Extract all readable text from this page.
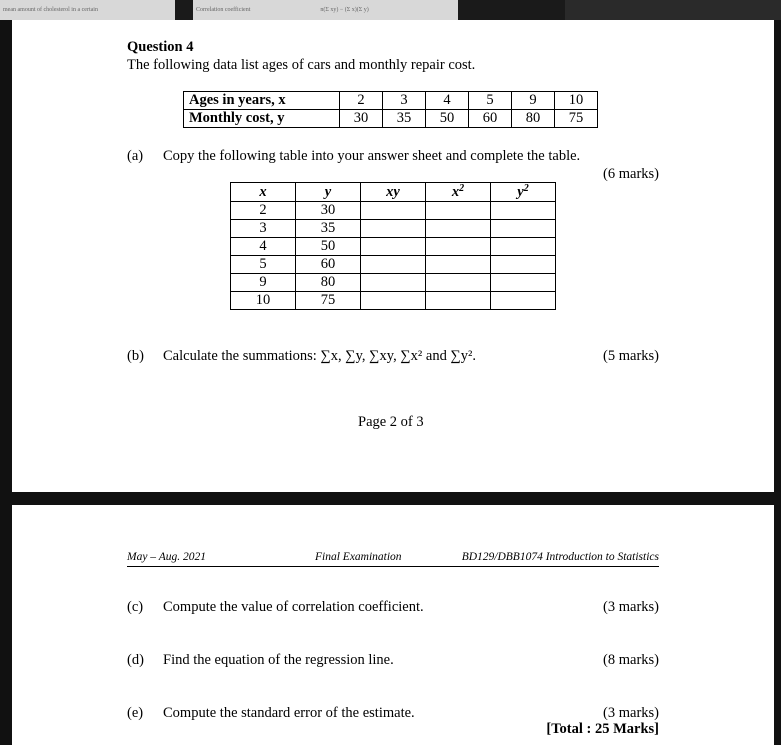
mean amount of cholesterol in a certain	Correlation coefficient	n(Σ xy) − (Σ x)(Σ y)
Question 4
The following data list ages of cars and monthly repair cost.
Ages in years, x	2	3	4	5	9	10
Monthly cost, y	30	35	50	60	80	75
(a) Copy the following table into your answer sheet and complete the table.
(6 marks)
x	y	xy	$x^2$	$y^2$
2	30			
3	35			
4	50			
5	60			
9	80			
10	75			
(b) Calculate the summations: ∑x, ∑y, ∑xy, ∑x² and ∑y².	(5 marks)
Page 2 of 3
May – Aug. 2021	Final Examination	BD129/DBB1074 Introduction to Statistics
(c) Compute the value of correlation coefficient.	(3 marks)
(d) Find the equation of the regression line.	(8 marks)
(e) Compute the standard error of the estimate.	(3 marks)
[Total : 25 Marks]
